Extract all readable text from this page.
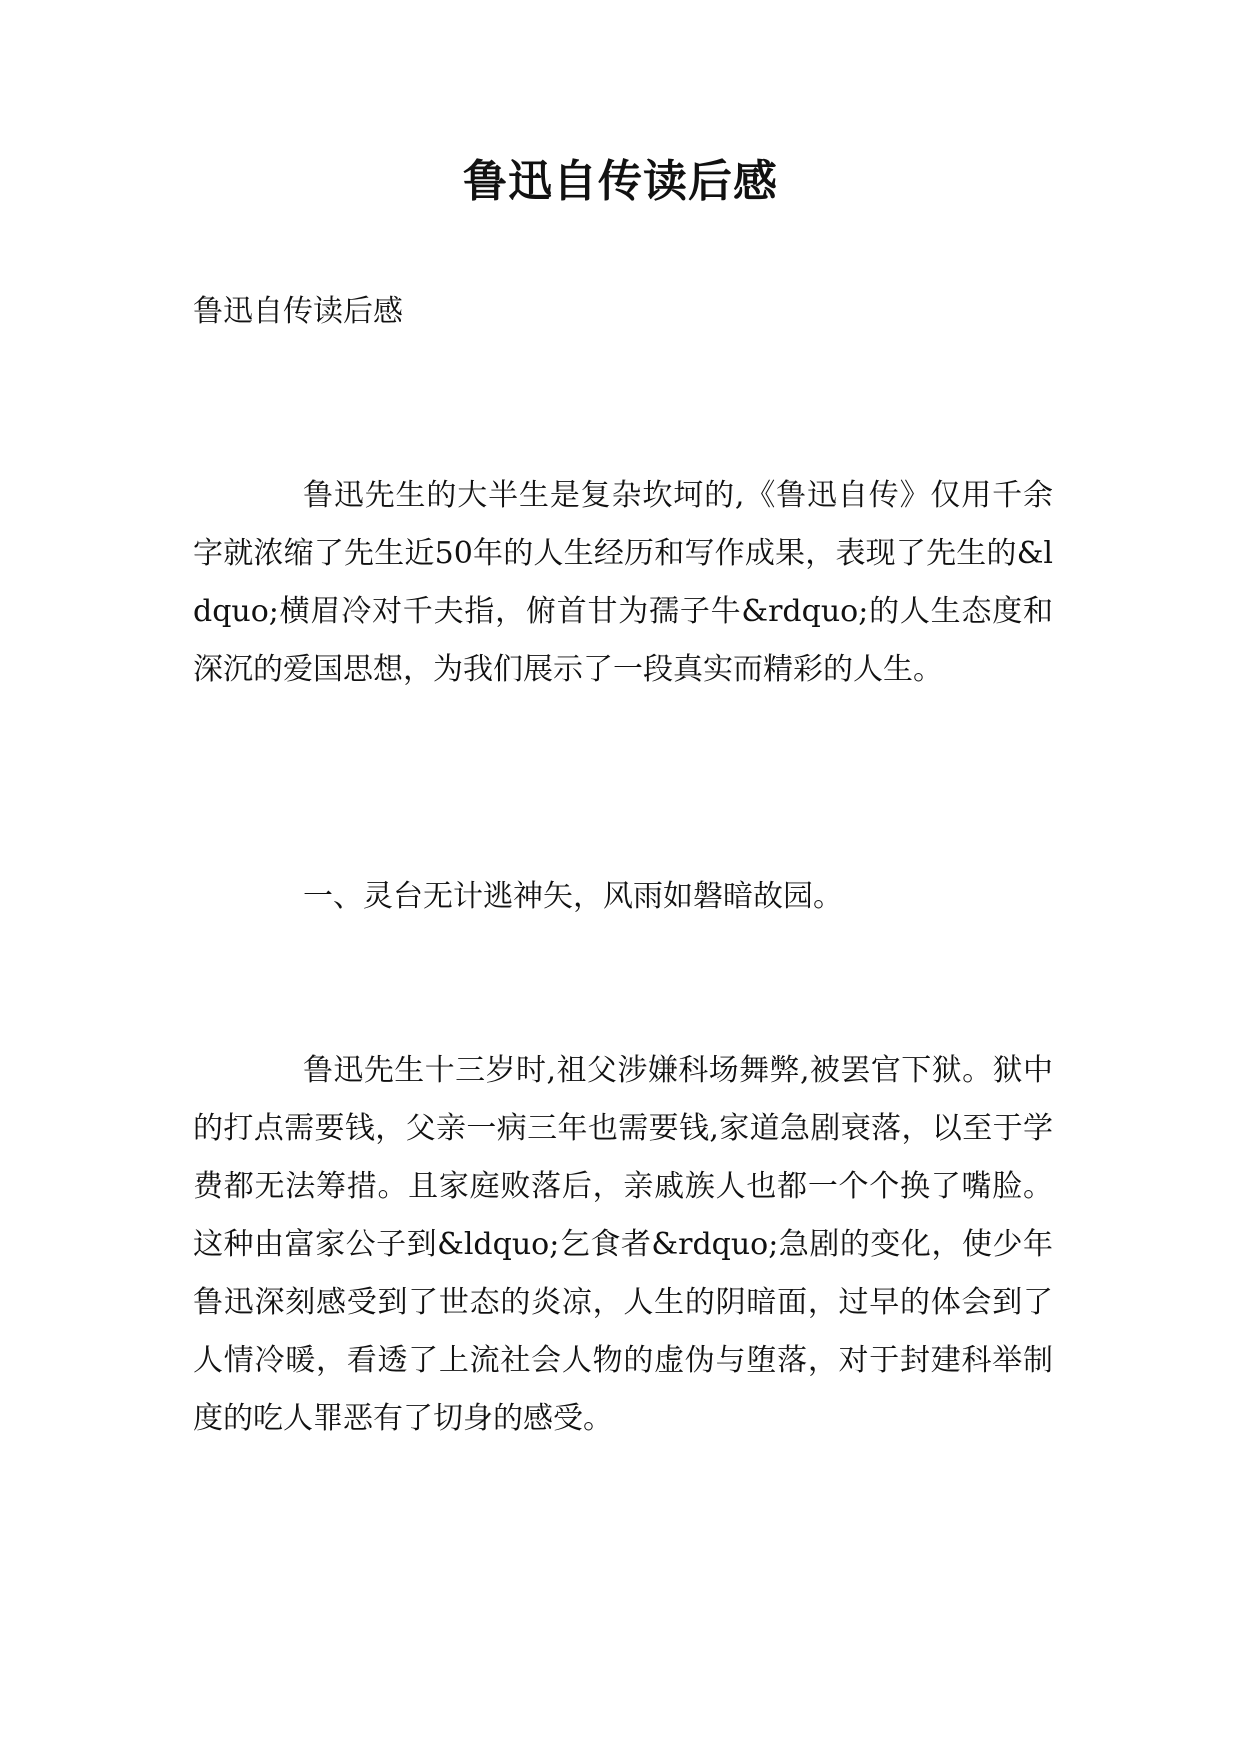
鲁迅自传读后感
鲁迅自传读后感
鲁迅先生的大半生是复杂坎坷的,《鲁迅自传》仅用千余字就浓缩了先生近50年的人生经历和写作成果，表现了先生的&ldquo;横眉冷对千夫指，俯首甘为孺子牛&rdquo;的人生态度和深沉的爱国思想，为我们展示了一段真实而精彩的人生。
一、灵台无计逃神矢，风雨如磐暗故园。
鲁迅先生十三岁时,祖父涉嫌科场舞弊,被罢官下狱。狱中的打点需要钱，父亲一病三年也需要钱,家道急剧衰落，以至于学费都无法筹措。且家庭败落后，亲戚族人也都一个个换了嘴脸。这种由富家公子到&ldquo;乞食者&rdquo;急剧的变化，使少年鲁迅深刻感受到了世态的炎凉，人生的阴暗面，过早的体会到了人情冷暖，看透了上流社会人物的虚伪与堕落，对于封建科举制度的吃人罪恶有了切身的感受。
